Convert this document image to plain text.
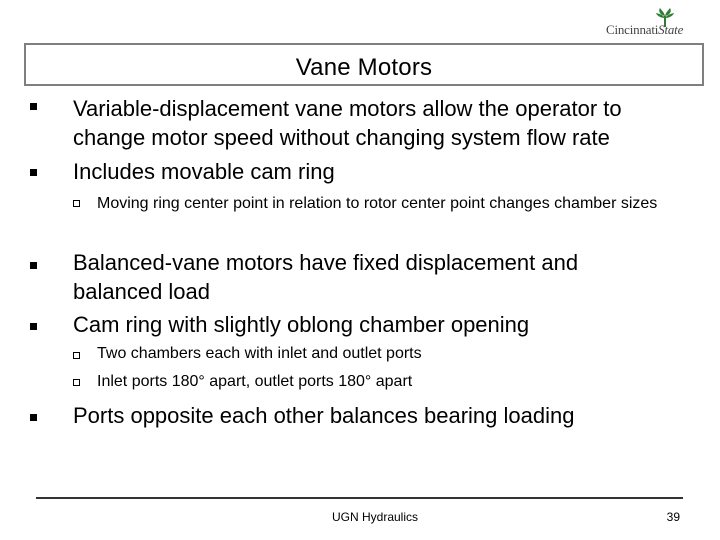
CincinnatiState
Vane Motors
Variable-displacement vane motors allow the operator to change motor speed without changing system flow rate
Includes movable cam ring
Moving ring center point in relation to rotor center point changes chamber sizes
Balanced-vane motors have fixed displacement and balanced load
Cam ring with slightly oblong chamber opening
Two chambers each with inlet and outlet ports
Inlet ports 180° apart, outlet ports 180° apart
Ports opposite each other balances bearing loading
UGN Hydraulics	39
